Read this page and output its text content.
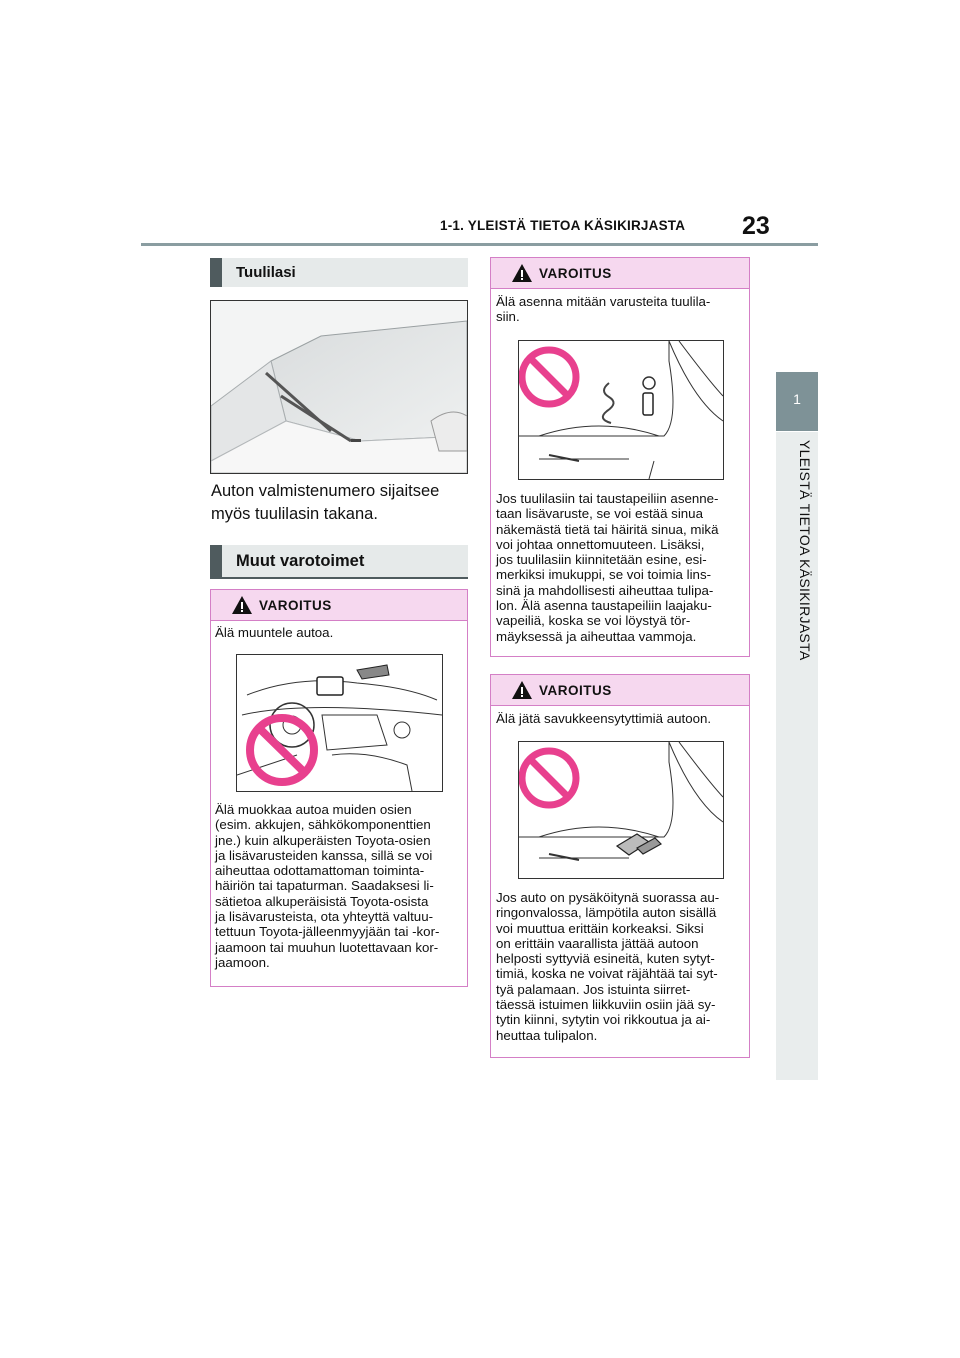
1-1. YLEISTÄ TIETOA KÄSIKIRJASTA 23
1
YLEISTÄ TIETOA KÄSIKIRJASTA
Tuulilasi
Auton valmistenumero sijaitsee
myös tuulilasin takana.
Muut varotoimet
VAROITUS
Älä muuntele autoa.
Älä muokkaa autoa muiden osien
(esim. akkujen, sähkökomponenttien
jne.) kuin alkuperäisten Toyota-osien
ja lisävarusteiden kanssa, sillä se voi
aiheuttaa odottamattoman toiminta-
häiriön tai tapaturman. Saadaksesi li-
sätietoa alkuperäisistä Toyota-osista
ja lisävarusteista, ota yhteyttä valtuu-
tettuun Toyota-jälleenmyyjään tai -kor-
jaamoon tai muuhun luotettavaan kor-
jaamoon.
VAROITUS
Älä asenna mitään varusteita tuulila-
siin.
Jos tuulilasiin tai taustapeiliin asenne-
taan lisävaruste, se voi estää sinua
näkemästä tietä tai häiritä sinua, mikä
voi johtaa onnettomuuteen. Lisäksi,
jos tuulilasiin kiinnitetään esine, esi-
merkiksi imukuppi, se voi toimia lins-
sinä ja mahdollisesti aiheuttaa tulipa-
lon. Älä asenna taustapeiliin laajaku-
vapeiliä, koska se voi löystyä tör-
mäyksessä ja aiheuttaa vammoja.
VAROITUS
Älä jätä savukkeensytyttimiä autoon.
Jos auto on pysäköitynä suorassa au-
ringonvalossa, lämpötila auton sisällä
voi muuttua erittäin korkeaksi. Siksi
on erittäin vaarallista jättää autoon
helposti syttyviä esineitä, kuten sytyt-
timiä, koska ne voivat räjähtää tai syt-
tyä palamaan. Jos istuinta siirret-
täessä istuimen liikkuviin osiin jää sy-
tytin kiinni, sytytin voi rikkoutua ja ai-
heuttaa tulipalon.
